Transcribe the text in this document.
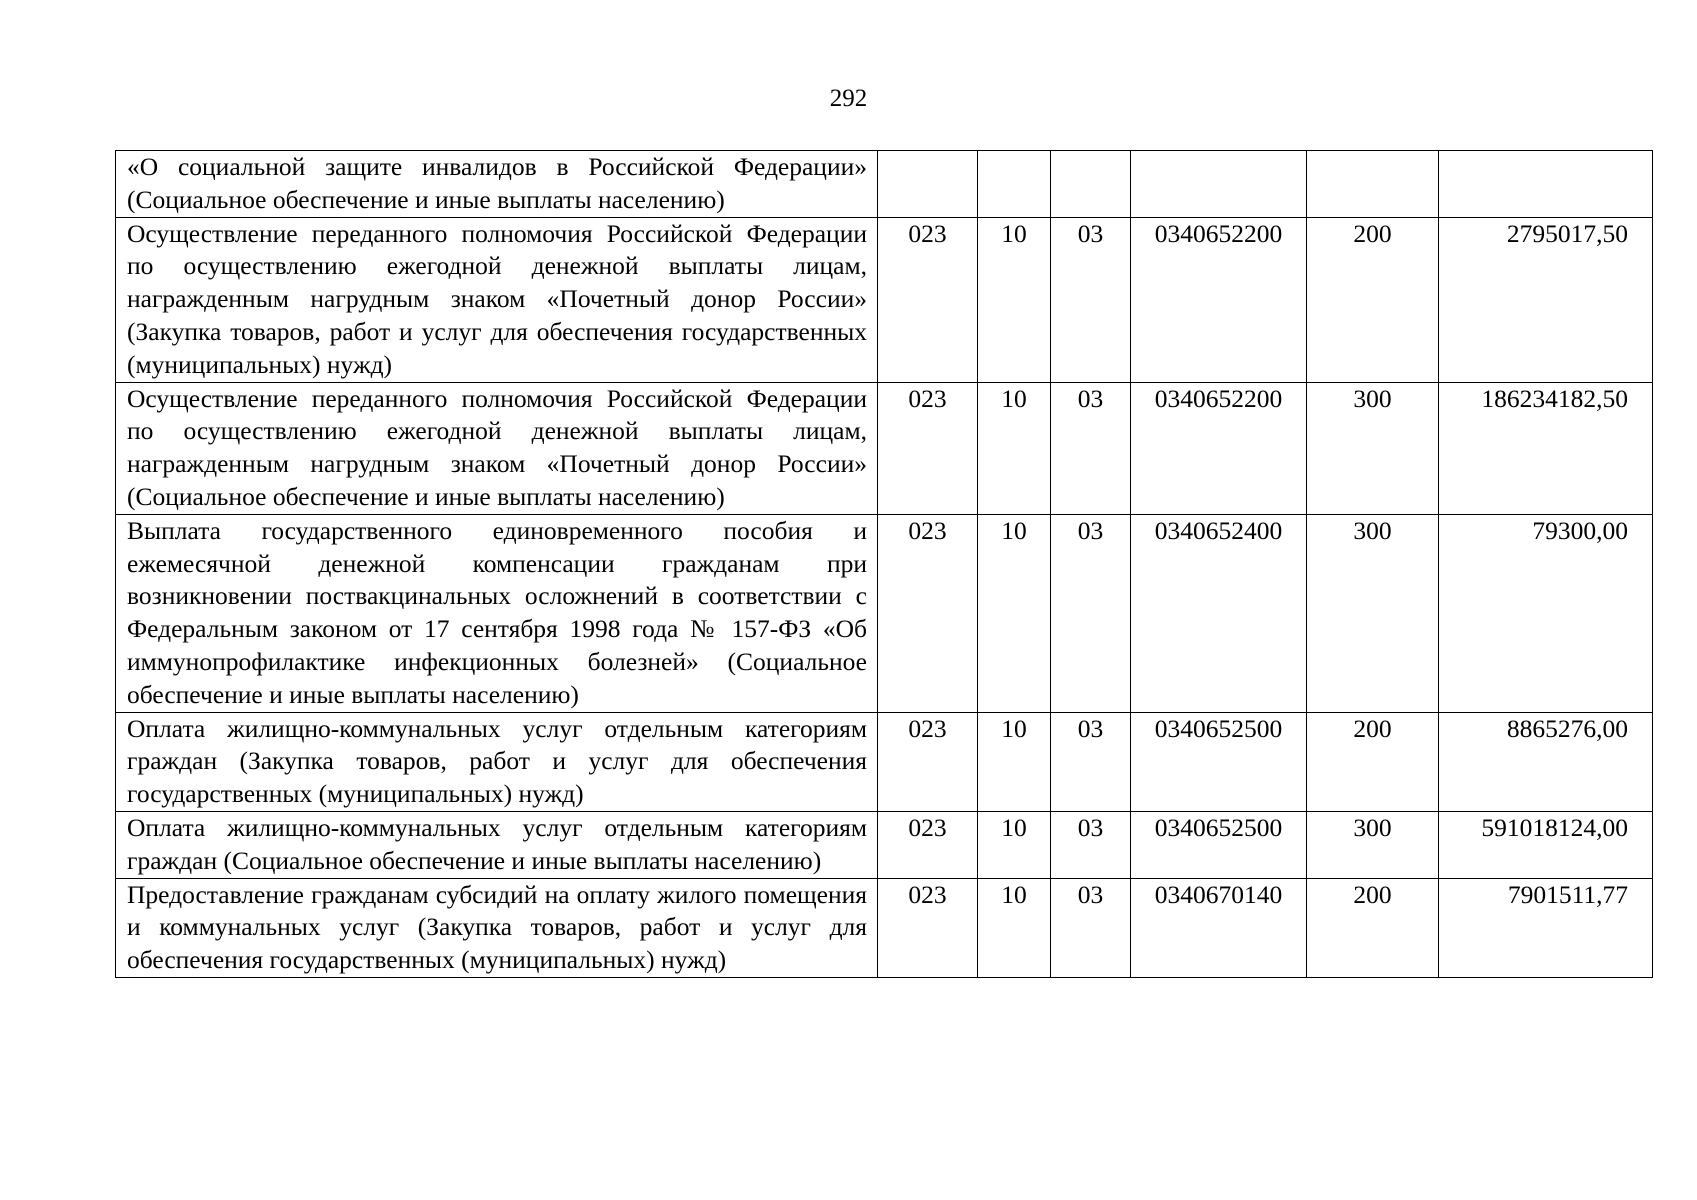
292
«О социальной защите инвалидов в Российской Федерации» (Социальное обеспечение и иные выплаты населению)						
Осуществление переданного полномочия Российской Федерации по осуществлению ежегодной денежной выплаты лицам, награжденным нагрудным знаком «Почетный донор России» (Закупка товаров, работ и услуг для обеспечения государственных (муниципальных) нужд)	023	10	03	0340652200	200	2795017,50
Осуществление переданного полномочия Российской Федерации по осуществлению ежегодной денежной выплаты лицам, награжденным нагрудным знаком «Почетный донор России» (Социальное обеспечение и иные выплаты населению)	023	10	03	0340652200	300	186234182,50
Выплата государственного единовременного пособия и ежемесячной денежной компенсации гражданам при возникновении поствакцинальных осложнений в соответствии с Федеральным законом от 17 сентября 1998 года № 157-ФЗ «Об иммунопрофилактике инфекционных болезней» (Социальное обеспечение и иные выплаты населению)	023	10	03	0340652400	300	79300,00
Оплата жилищно-коммунальных услуг отдельным категориям граждан (Закупка товаров, работ и услуг для обеспечения государственных (муниципальных) нужд)	023	10	03	0340652500	200	8865276,00
Оплата жилищно-коммунальных услуг отдельным категориям граждан (Социальное обеспечение и иные выплаты населению)	023	10	03	0340652500	300	591018124,00
Предоставление гражданам субсидий на оплату жилого помещения и коммунальных услуг (Закупка товаров, работ и услуг для обеспечения государственных (муниципальных) нужд)	023	10	03	0340670140	200	7901511,77
